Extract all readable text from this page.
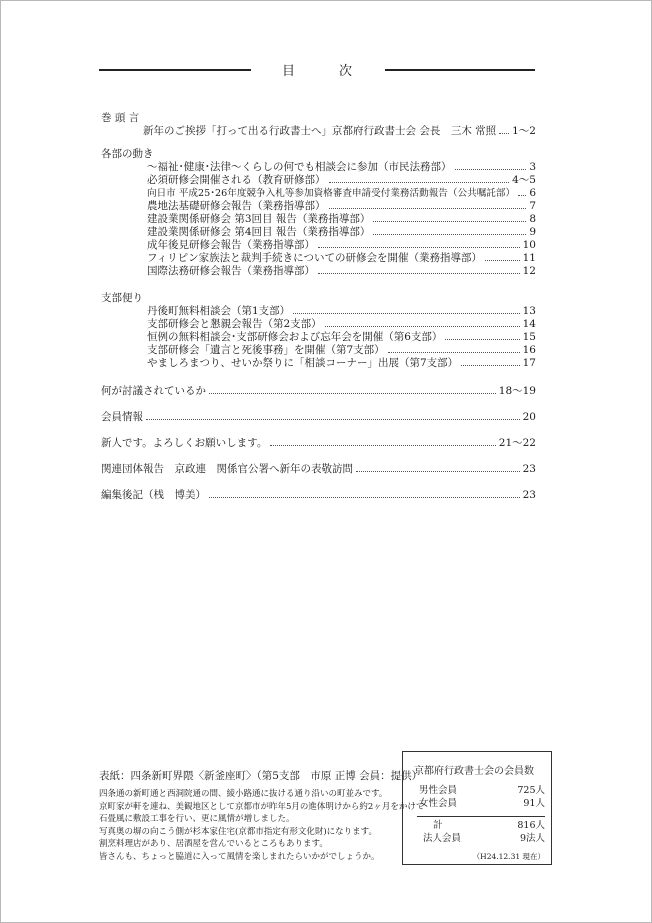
目	次
巻 頭 言
新年のご挨拶「打って出る行政書士へ」京都府行政書士会 会長　三木 常照 1～2
各部の動き
～福祉･健康･法律～くらしの何でも相談会に参加（市民法務部）	3
必須研修会開催される（教育研修部）	4～5
向日市 平成25･26年度競争入札等参加資格審査申請受付業務活動報告（公共嘱託部） 6
農地法基礎研修会報告（業務指導部）	7
建設業関係研修会 第3回目 報告（業務指導部）	8
建設業関係研修会 第4回目 報告（業務指導部）	9
成年後見研修会報告（業務指導部）	10
フィリピン家族法と裁判手続きについての研修会を開催（業務指導部）	11
国際法務研修会報告（業務指導部）	12
支部便り
丹後町無料相談会（第1支部）	13
支部研修会と懇親会報告（第2支部）	14
恒例の無料相談会･支部研修会および忘年会を開催（第6支部）	15
支部研修会「遺言と死後事務」を開催（第7支部）	16
やましろまつり、せいか祭りに「相談コーナー」出展（第7支部）	17
何が討議されているか	18～19
会員情報	20
新人です。よろしくお願いします。	21～22
関連団体報告　京政連　関係官公署へ新年の表敬訪問	23
編集後記（桟　博美）	23
表紙：四条新町界隈〈新釜座町〉（第5支部　市原 正博 会員：提供）
四条通の新町通と西洞院通の間、綾小路通に抜ける通り沿いの町並みです。
京町家が軒を連ね、美観地区として京都市が昨年5月の進体明けから約2ヶ月をかけて
石畳風に敷設工事を行い、更に風情が増しました。
写真奥の塀の向こう側が杉本家住宅(京都市指定有形文化財)になります。
割烹料理店があり、居酒屋を営んでいるところもあります。
皆さんも、ちょっと脇道に入って風情を楽しまれたらいかがでしょうか。
京都府行政書士会の会員数
男性会員	725人
女性会員	91人
計	816人
法人会員	9法人
（H24.12.31 現在）
